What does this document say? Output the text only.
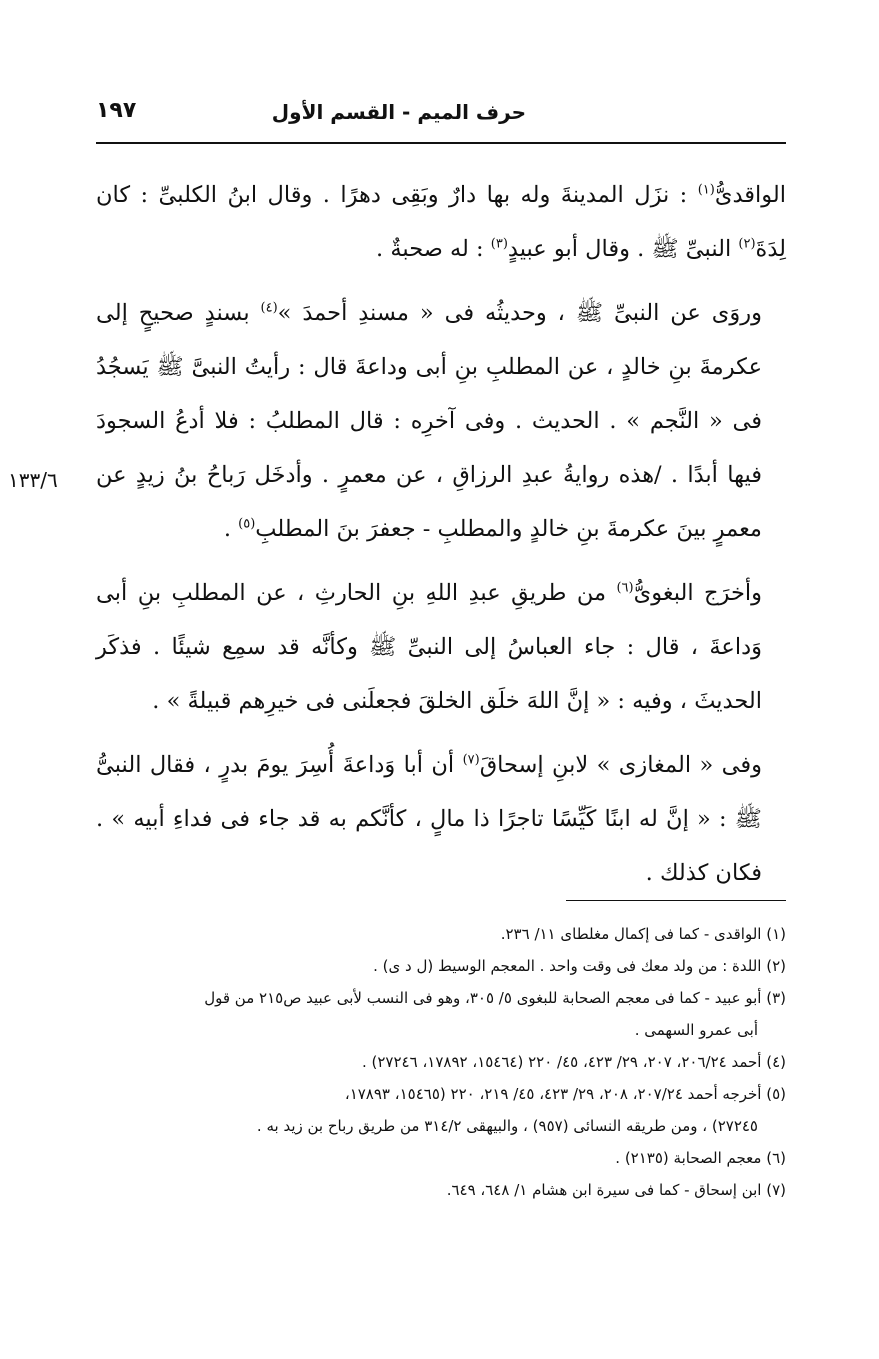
حرف الميم - القسم الأول
١٩٧
١٣٣/٦
الواقدىُّ$^{(١)}$ : نزَل المدينةَ وله بها دارٌ وبَقِى دهرًا . وقال ابنُ الكلبىِّ : كان لِدَةَ$^{(٢)}$ النبىِّ ﷺ . وقال أبو عبيدٍ$^{(٣)}$ : له صحبةٌ .
وروَى عن النبىِّ ﷺ ، وحديثُه فى « مسندِ أحمدَ »$^{(٤)}$ بسندٍ صحيحٍ إلى عكرمةَ بنِ خالدٍ ، عن المطلبِ بنِ أبى وداعةَ قال : رأيتُ النبىَّ ﷺ يَسجُدُ فى « النَّجم » . الحديث . وفى آخرِه : قال المطلبُ : فلا أدعُ السجودَ فيها أبدًا . /هذه روايةُ عبدِ الرزاقِ ، عن معمرٍ . وأدخَل رَباحُ بنُ زيدٍ عن معمرٍ بينَ عكرمةَ بنِ خالدٍ والمطلبِ - جعفرَ بنَ المطلبِ$^{(٥)}$ .
وأخرَج البغوىُّ$^{(٦)}$ من طريقِ عبدِ اللهِ بنِ الحارثِ ، عن المطلبِ بنِ أبى وَداعةَ ، قال : جاء العباسُ إلى النبىِّ ﷺ وكأنَّه قد سمِع شيئًا . فذكَر الحديثَ ، وفيه : « إنَّ اللهَ خلَق الخلقَ فجعلَنى فى خيرِهم قبيلةً » .
وفى « المغازى » لابنِ إسحاقَ$^{(٧)}$ أن أبا وَداعةَ أُسِرَ يومَ بدرٍ ، فقال النبىُّ ﷺ : « إنَّ له ابنًا كَيِّسًا تاجرًا ذا مالٍ ، كأنَّكم به قد جاء فى فداءِ أبيه » . فكان كذلك .

(١) الواقدى - كما فى إكمال مغلطاى ١١/ ٢٣٦.

(٢) اللدة : من ولد معك فى وقت واحد . المعجم الوسيط (ل د ى) .

(٣) أبو عبيد - كما فى معجم الصحابة للبغوى ٥/ ٣٠٥، وهو فى النسب لأبى عبيد ص٢١٥ من قول

أبى عمرو السهمى .

(٤) أحمد ٢٠٦/٢٤، ٢٠٧، ٢٩/ ٤٢٣، ٤٥/ ٢٢٠ (١٥٤٦٤، ١٧٨٩٢، ٢٧٢٤٦) .

(٥) أخرجه أحمد ٢٠٧/٢٤، ٢٠٨، ٢٩/ ٤٢٣، ٤٥/ ٢١٩، ٢٢٠ (١٥٤٦٥، ١٧٨٩٣،

٢٧٢٤٥) ، ومن طريقه النسائى (٩٥٧) ، والبيهقى ٣١٤/٢ من طريق رباح بن زيد به .

(٦) معجم الصحابة (٢١٣٥) .

(٧) ابن إسحاق - كما فى سيرة ابن هشام ١/ ٦٤٨، ٦٤٩.
